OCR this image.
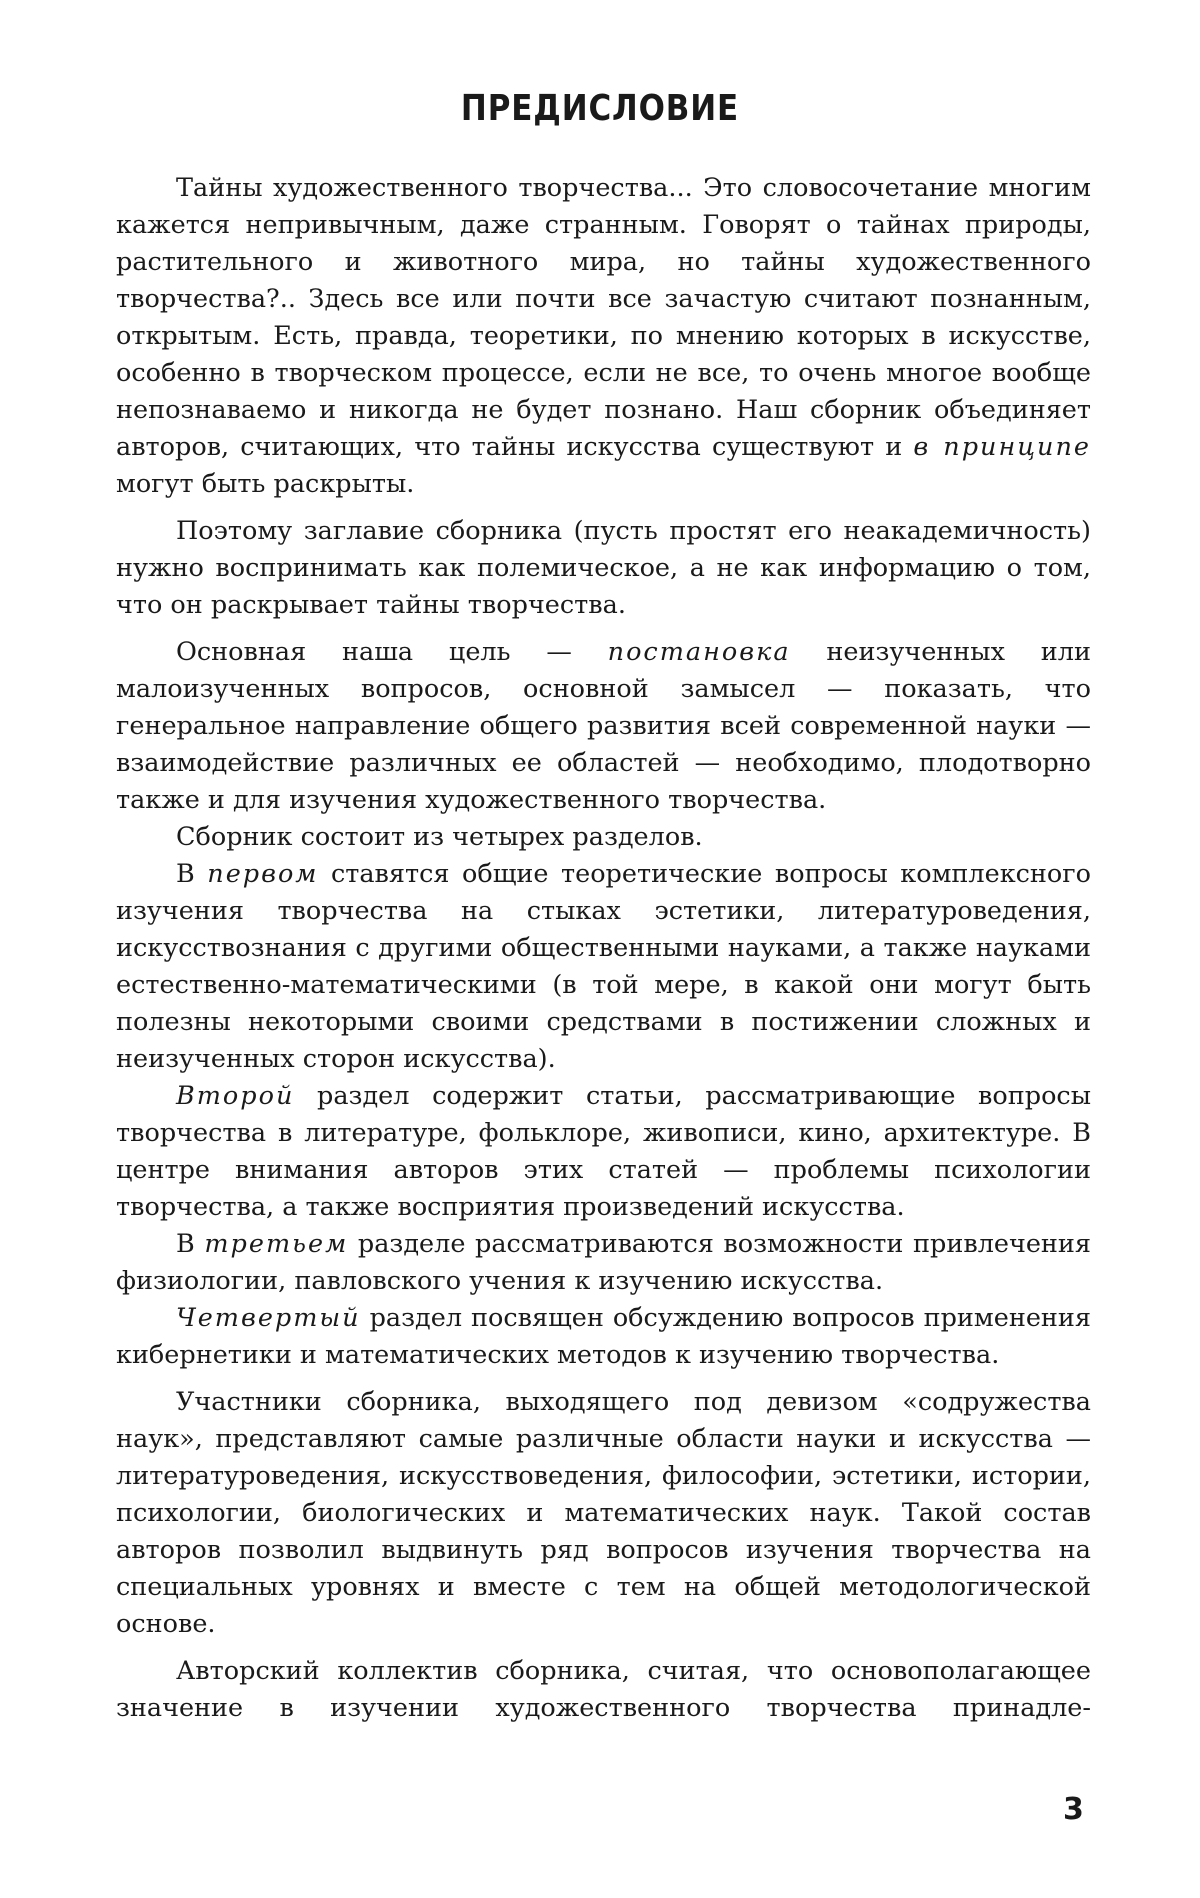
ПРЕДИСЛОВИЕ

Тайны художественного творчества... Это словосочетание многим кажется непривычным, даже странным. Говорят о тайнах природы, растительного и животного мира, но тайны художественного творчества?.. Здесь все или почти все зачастую считают познанным, открытым. Есть, правда, теоретики, по мнению которых в искусстве, особенно в творческом процессе, если не все, то очень многое вообще непознаваемо и никогда не будет познано. Наш сборник объединяет авторов, считающих, что тайны искусства существуют и в принципе могут быть раскрыты.

Поэтому заглавие сборника (пусть простят его неакадемичность) нужно воспринимать как полемическое, а не как информацию о том, что он раскрывает тайны творчества.

Основная наша цель — постановка неизученных или малоизученных вопросов, основной замысел — показать, что генеральное направление общего развития всей современной науки — взаимодействие различных ее областей — необходимо, плодотворно также и для изучения художественного творчества.

Сборник состоит из четырех разделов.

В первом ставятся общие теоретические вопросы комплексного изучения творчества на стыках эстетики, литературоведения, искусствознания с другими общественными науками, а также науками естественно-математическими (в той мере, в какой они могут быть полезны некоторыми своими средствами в постижении сложных и неизученных сторон искусства).

Второй раздел содержит статьи, рассматривающие вопросы творчества в литературе, фольклоре, живописи, кино, архитектуре. В центре внимания авторов этих статей — проблемы психологии творчества, а также восприятия произведений искусства.

В третьем разделе рассматриваются возможности привлечения физиологии, павловского учения к изучению искусства.

Четвертый раздел посвящен обсуждению вопросов применения кибернетики и математических методов к изучению творчества.

Участники сборника, выходящего под девизом «содружества наук», представляют самые различные области науки и искусства — литературоведения, искусствоведения, философии, эстетики, истории, психологии, биологических и математических наук. Такой состав авторов позволил выдвинуть ряд вопросов изучения творчества на специальных уровнях и вместе с тем на общей методологической основе.

Авторский коллектив сборника, считая, что основополагающее значение в изучении художественного творчества принадле-

3
